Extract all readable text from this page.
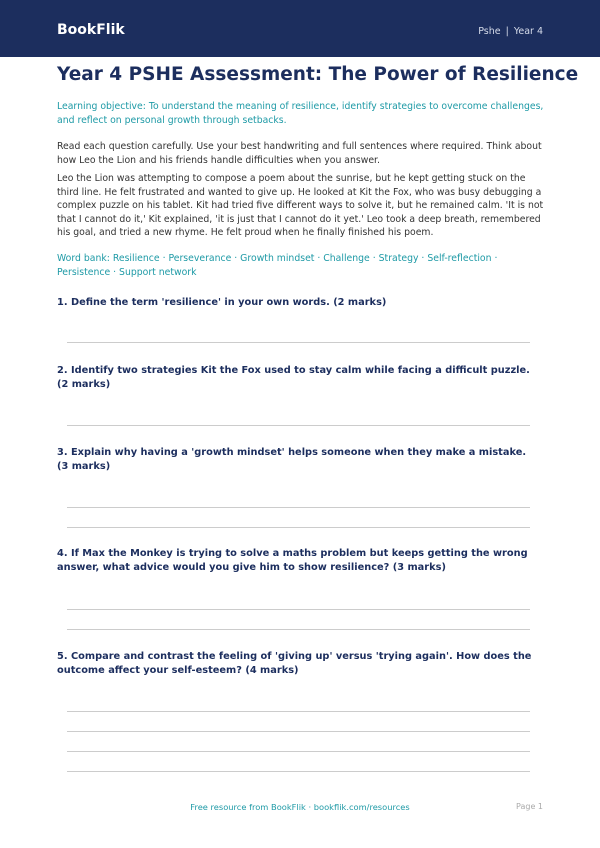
BookFlik	Pshe | Year 4
Year 4 PSHE Assessment: The Power of Resilience

Learning objective: To understand the meaning of resilience, identify strategies to overcome challenges, and reflect on personal growth through setbacks.

Read each question carefully. Use your best handwriting and full sentences where required. Think about how Leo the Lion and his friends handle difficulties when you answer.

Leo the Lion was attempting to compose a poem about the sunrise, but he kept getting stuck on the third line. He felt frustrated and wanted to give up. He looked at Kit the Fox, who was busy debugging a complex puzzle on his tablet. Kit had tried five different ways to solve it, but he remained calm. 'It is not that I cannot do it,' Kit explained, 'it is just that I cannot do it yet.' Leo took a deep breath, remembered his goal, and tried a new rhyme. He felt proud when he finally finished his poem.

Word bank: Resilience · Perseverance · Growth mindset · Challenge · Strategy · Self-reflection · Persistence · Support network

1. Define the term 'resilience' in your own words. (2 marks)

2. Identify two strategies Kit the Fox used to stay calm while facing a difficult puzzle. (2 marks)

3. Explain why having a 'growth mindset' helps someone when they make a mistake. (3 marks)

4. If Max the Monkey is trying to solve a maths problem but keeps getting the wrong answer, what advice would you give him to show resilience? (3 marks)

5. Compare and contrast the feeling of 'giving up' versus 'trying again'. How does the outcome affect your self-esteem? (4 marks)

Free resource from BookFlik · bookflik.com/resources	Page 1
